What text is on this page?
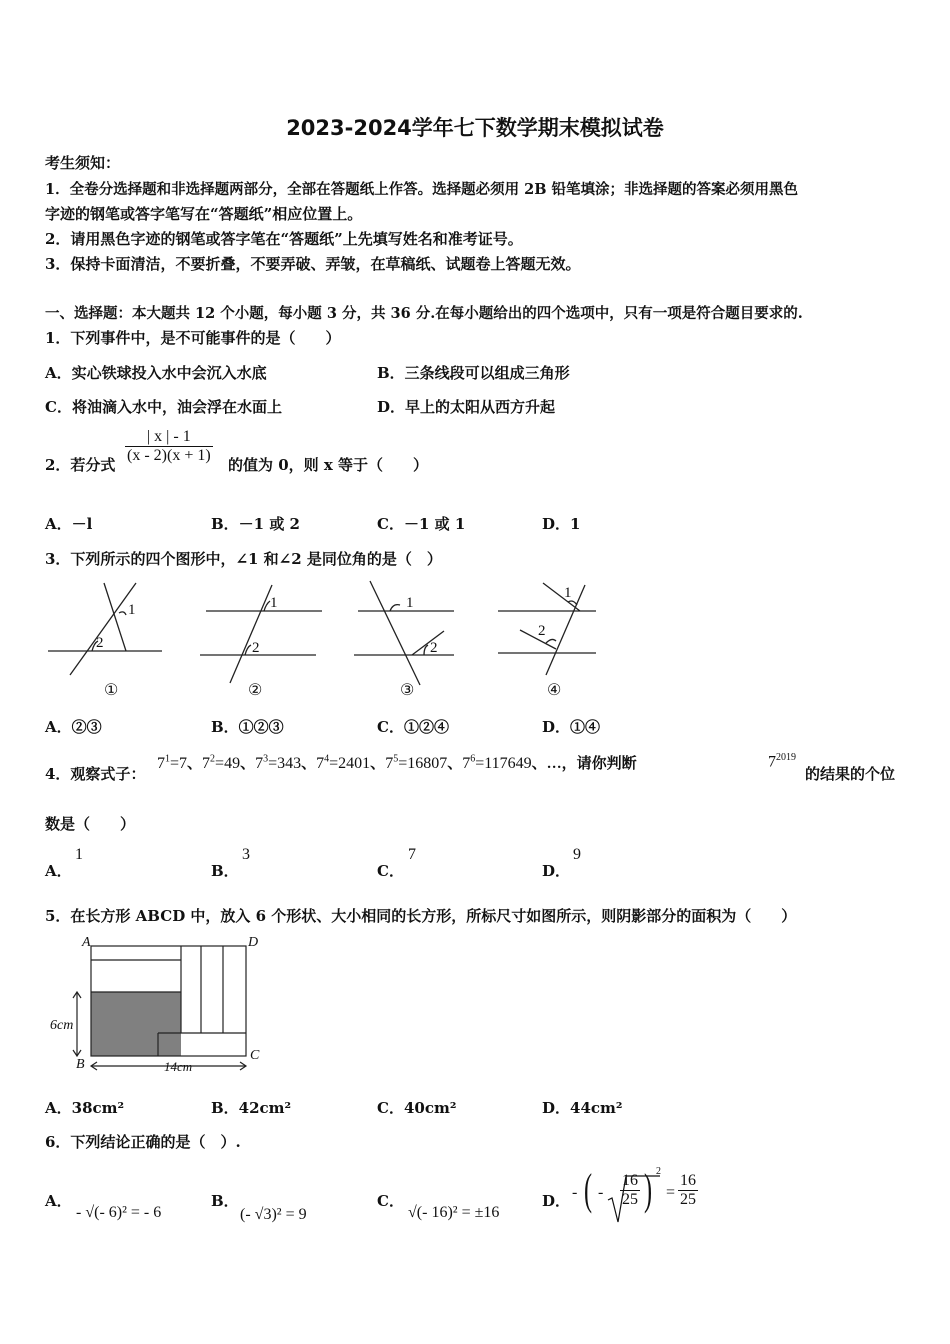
2023-2024学年七下数学期末模拟试卷
考生须知：
1．全卷分选择题和非选择题两部分，全部在答题纸上作答。选择题必须用 2B 铅笔填涂；非选择题的答案必须用黑色
字迹的钢笔或答字笔写在“答题纸”相应位置上。
2．请用黑色字迹的钢笔或答字笔在“答题纸”上先填写姓名和准考证号。
3．保持卡面清洁，不要折叠，不要弄破、弄皱，在草稿纸、试题卷上答题无效。
一、选择题：本大题共 12 个小题，每小题 3 分，共 36 分.在每小题给出的四个选项中，只有一项是符合题目要求的.
1．下列事件中，是不可能事件的是（　　）
A．实心铁球投入水中会沉入水底	B．三条线段可以组成三角形
C．将油滴入水中，油会浮在水面上	D．早上的太阳从西方升起
2．若分式 $\frac{| x | - 1}{(x - 2)(x + 1)}$ 的值为 0，则 x 等于（　　）
A．－l	B．－1 或 2	C．－1 或 1	D．1
3．下列所示的四个图形中，∠1 和∠2 是同位角的是（　）
1
2
1
2
1
2
1
2
①	②	③	④
A．②③	B．①②③	C．①②④	D．①④
4．观察式子：
$7^1=7$、$7^2=49$、$7^3=343$、$7^4=2401$、$7^5=16807$、$7^6=117649$、…，请你判断	$7^{2019}$
的结果的个位
数是（　　）
A．
1
B．
3
C．
7
D．
9
5．在长方形 ABCD 中，放入 6 个形状、大小相同的长方形，所标尺寸如图所示，则阴影部分的面积为（　　）
A	D
B
C
6cm
14cm
A．38cm²	B．42cm²	C．40cm²	D．44cm²
6．下列结论正确的是（　）.
A．
- √(- 6)² = - 6
B．
(- √3)² = 9
C．
√(- 16)² = ±16
D． - ( - $\frac{16}{25}$ ) 2
= $\frac{16}{25}$
